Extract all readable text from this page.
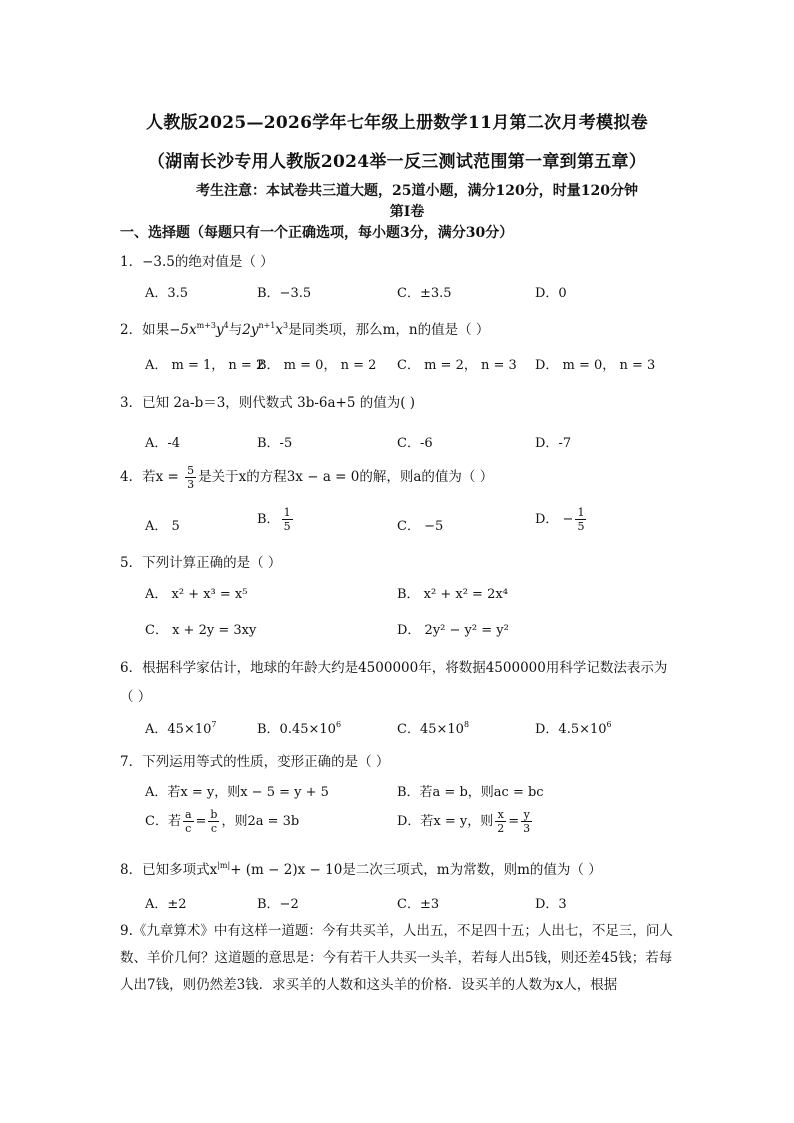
人教版2025—2026学年七年级上册数学11月第二次月考模拟卷
（湖南长沙专用人教版2024举一反三测试范围第一章到第五章）
考生注意：本试卷共三道大题，25道小题，满分120分，时量120分钟
第Ⅰ卷
一、选择题（每题只有一个正确选项，每小题3分，满分30分）
1．−3.5的绝对值是（ ）
A．3.5	B．−3.5	C．±3.5	D．0
2．如果$-5x^{m+3}y^4$与$2y^{n+1}x^3$是同类项，那么m，n的值是（ ）
A． m = 1， n = 2
B． m = 0， n = 2 C． m = 2， n = 3 D． m = 0， n = 3
3．已知 2a-b＝3，则代数式 3b-6a+5 的值为( )
A．-4	B．-5	C．-6	D．-7
4．若$x = \frac{5}{3}$ 是关于x的方程3x − a = 0的解，则a的值为（ ）
A． 5	B． $\frac{1}{5}$	C． −5	D． − $\frac{1}{5}$
5．下列计算正确的是（ ）
A． x² + x³ = x⁵	B． x² + x² = 2x⁴
C． x + 2y = 3xy	D． 2y² − y² = y²
6．根据科学家估计，地球的年龄大约是4500000年，将数据4500000用科学记数法表示为
（ ）
A．$45\times 10^7$	B．$0.45\times 10^6$	C．$45\times 10^8$	D．$4.5\times 10^6$
7．下列运用等式的性质，变形正确的是（ ）
A．若x = y，则x − 5 = y + 5	B．若a = b，则ac = bc
C．若 $\frac{a}{c} = \frac{b}{c}$ ，则2a = 3b	D．若x = y，则 $\frac{x}{2} = \frac{y}{3}$
8．已知多项式$x^{|m|}+ (m - 2)x - 10$是二次三项式，m为常数，则m的值为（ ）
A．±2	B．−2	C．±3	D．3
9.《九章算术》中有这样一道题：今有共买羊，人出五，不足四十五；人出七，不足三，问人数、羊价几何？这道题的意思是：今有若干人共买一头羊，若每人出5钱，则还差45钱；若每人出7钱，则仍然差3钱．求买羊的人数和这头羊的价格．设买羊的人数为x人，根据
